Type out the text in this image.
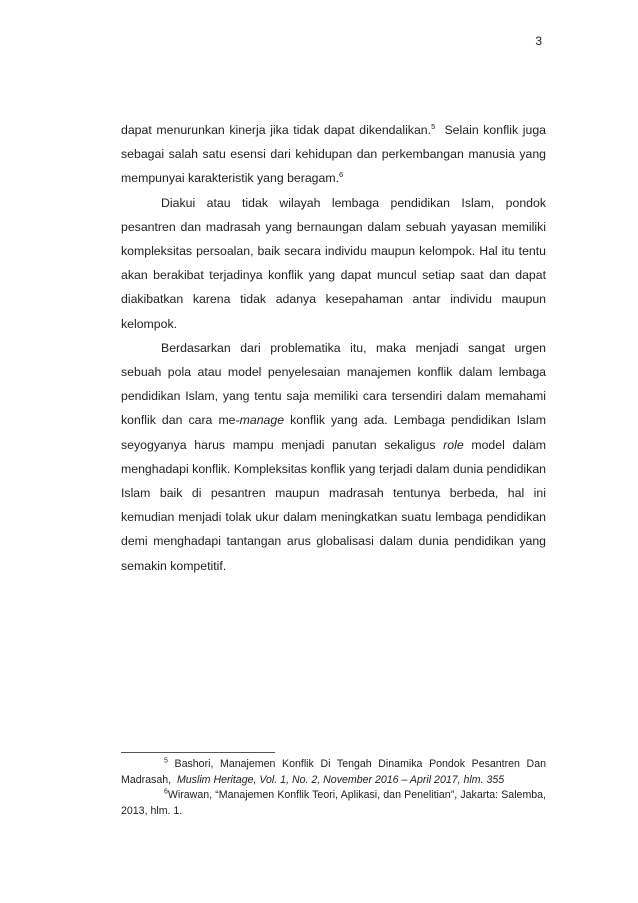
3

dapat menurunkan kinerja jika tidak dapat dikendalikan.$^5$  Selain konflik juga sebagai salah satu esensi dari kehidupan dan perkembangan manusia yang mempunyai karakteristik yang beragam.$^6$

Diakui atau tidak wilayah lembaga pendidikan Islam, pondok pesantren dan madrasah yang bernaungan dalam sebuah yayasan memiliki kompleksitas persoalan, baik secara individu maupun kelompok. Hal itu tentu akan berakibat terjadinya konflik yang dapat muncul setiap saat dan dapat diakibatkan karena tidak adanya kesepahaman antar individu maupun kelompok.

Berdasarkan dari problematika itu, maka menjadi sangat urgen sebuah pola atau model penyelesaian manajemen konflik dalam lembaga pendidikan Islam, yang tentu saja memiliki cara tersendiri dalam memahami konflik dan cara me-manage konflik yang ada. Lembaga pendidikan Islam seyogyanya harus mampu menjadi panutan sekaligus role model dalam menghadapi konflik. Kompleksitas konflik yang terjadi dalam dunia pendidikan Islam baik di pesantren maupun madrasah tentunya berbeda, hal ini kemudian menjadi tolak ukur dalam meningkatkan suatu lembaga pendidikan demi menghadapi tantangan arus globalisasi dalam dunia pendidikan yang semakin kompetitif.

$^5$ Bashori, Manajemen Konflik Di Tengah Dinamika Pondok Pesantren Dan Madrasah,  Muslim Heritage, Vol. 1, No. 2, November 2016 – April 2017, hlm. 355

$^6$Wirawan, “Manajemen Konflik Teori, Aplikasi, dan Penelitian”, Jakarta: Salemba, 2013, hlm. 1.
